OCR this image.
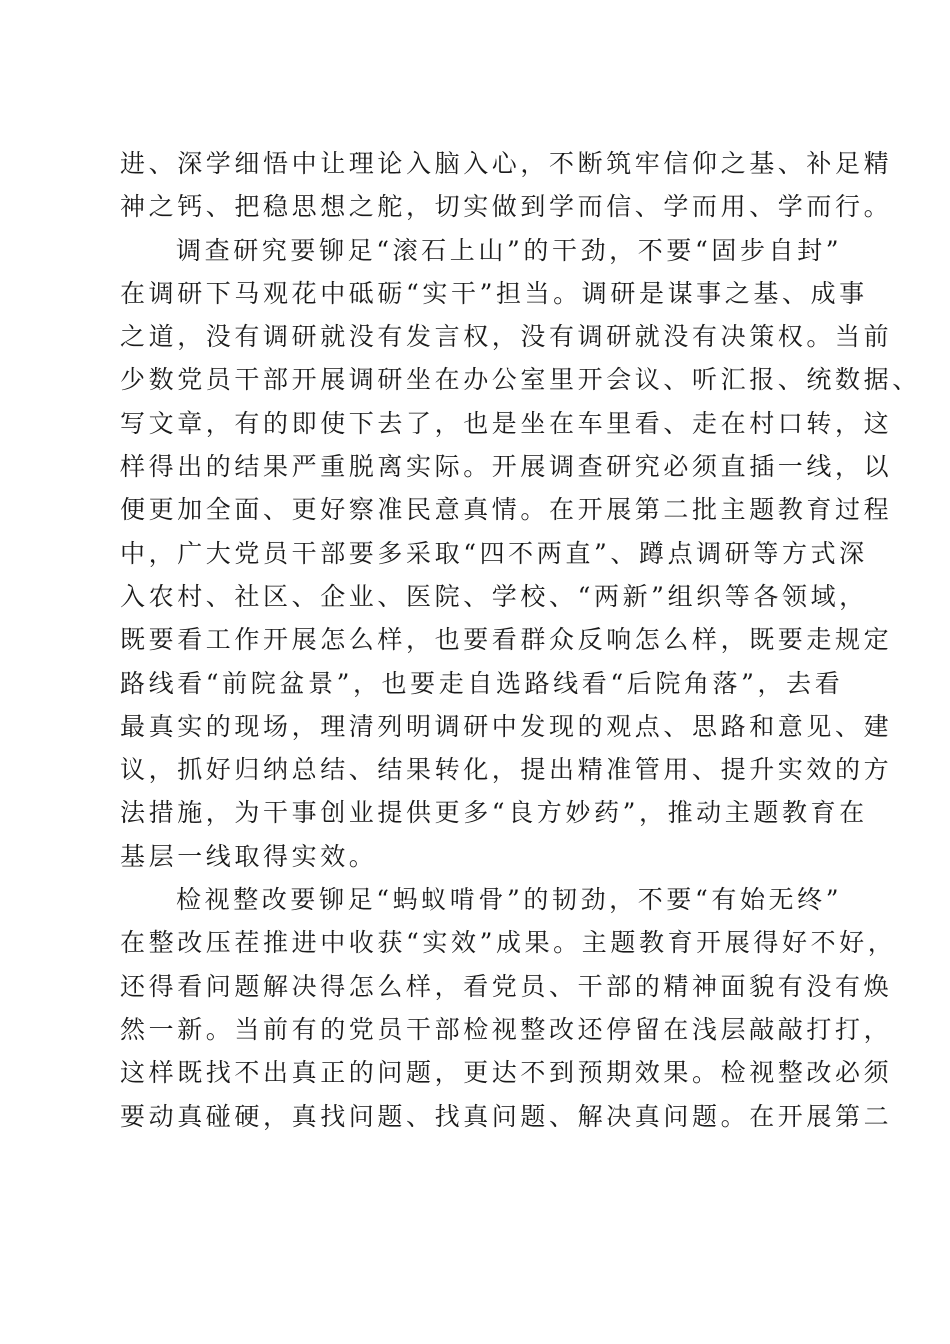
进、深学细悟中让理论入脑入心，不断筑牢信仰之基、补足精
神之钙、把稳思想之舵，切实做到学而信、学而用、学而行。
调查研究要铆足“滚石上山”的干劲，不要“固步自封”
在调研下马观花中砥砺“实干”担当。调研是谋事之基、成事
之道，没有调研就没有发言权，没有调研就没有决策权。当前
少数党员干部开展调研坐在办公室里开会议、听汇报、统数据、
写文章，有的即使下去了，也是坐在车里看、走在村口转，这
样得出的结果严重脱离实际。开展调查研究必须直插一线，以
便更加全面、更好察准民意真情。在开展第二批主题教育过程
中，广大党员干部要多采取“四不两直”、蹲点调研等方式深
入农村、社区、企业、医院、学校、“两新”组织等各领域，
既要看工作开展怎么样，也要看群众反响怎么样，既要走规定
路线看“前院盆景”，也要走自选路线看“后院角落”，去看
最真实的现场，理清列明调研中发现的观点、思路和意见、建
议，抓好归纳总结、结果转化，提出精准管用、提升实效的方
法措施，为干事创业提供更多“良方妙药”，推动主题教育在
基层一线取得实效。
检视整改要铆足“蚂蚁啃骨”的韧劲，不要“有始无终”
在整改压茬推进中收获“实效”成果。主题教育开展得好不好，
还得看问题解决得怎么样，看党员、干部的精神面貌有没有焕
然一新。当前有的党员干部检视整改还停留在浅层敲敲打打，
这样既找不出真正的问题，更达不到预期效果。检视整改必须
要动真碰硬，真找问题、找真问题、解决真问题。在开展第二
